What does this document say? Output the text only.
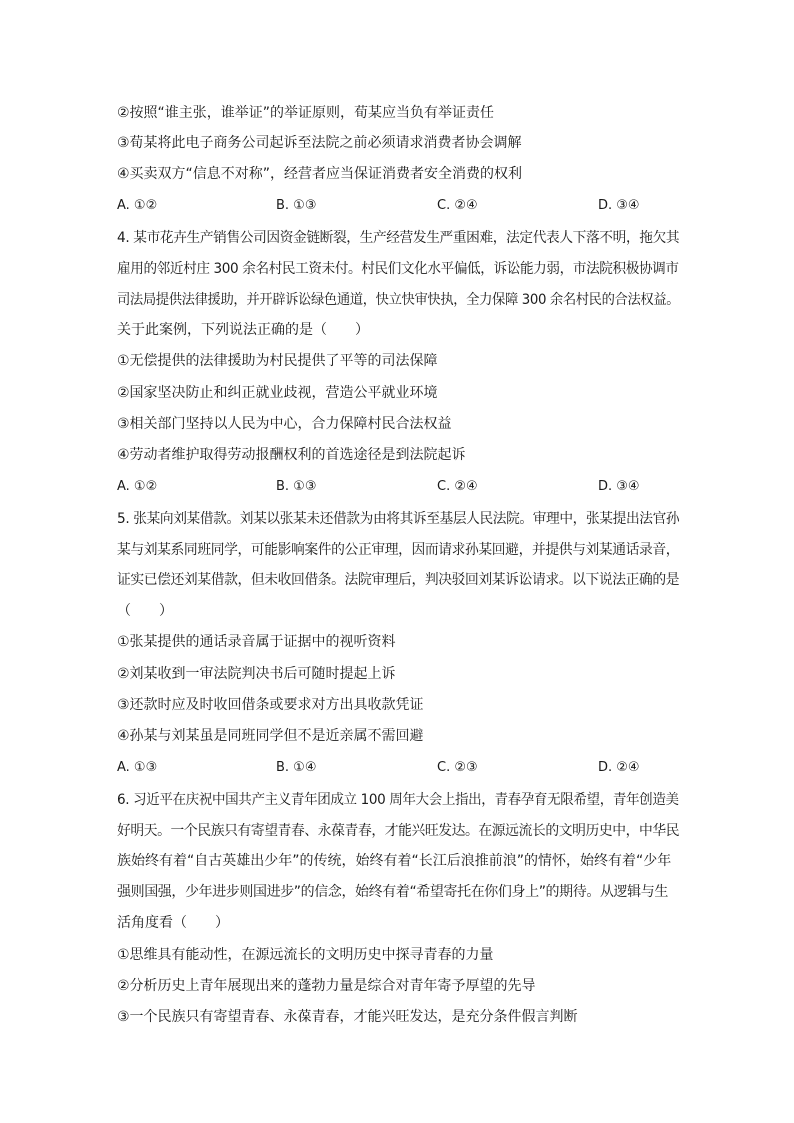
②按照“谁主张，谁举证”的举证原则，荀某应当负有举证责任
③荀某将此电子商务公司起诉至法院之前必须请求消费者协会调解
④买卖双方“信息不对称”，经营者应当保证消费者安全消费的权利
A. ①②	B. ①③	C. ②④	D. ③④
4. 某市花卉生产销售公司因资金链断裂，生产经营发生严重困难，法定代表人下落不明，拖欠其
雇用的邻近村庄 300 余名村民工资未付。村民们文化水平偏低，诉讼能力弱，市法院积极协调市
司法局提供法律援助，并开辟诉讼绿色通道，快立快审快执，全力保障 300 余名村民的合法权益。
关于此案例，下列说法正确的是（　　）
①无偿提供的法律援助为村民提供了平等的司法保障
②国家坚决防止和纠正就业歧视，营造公平就业环境
③相关部门坚持以人民为中心，合力保障村民合法权益
④劳动者维护取得劳动报酬权利的首选途径是到法院起诉
A. ①②	B. ①③	C. ②④	D. ③④
5. 张某向刘某借款。刘某以张某未还借款为由将其诉至基层人民法院。审理中，张某提出法官孙
某与刘某系同班同学，可能影响案件的公正审理，因而请求孙某回避，并提供与刘某通话录音，
证实已偿还刘某借款，但未收回借条。法院审理后，判决驳回刘某诉讼请求。以下说法正确的是
（　　）
①张某提供的通话录音属于证据中的视听资料
②刘某收到一审法院判决书后可随时提起上诉
③还款时应及时收回借条或要求对方出具收款凭证
④孙某与刘某虽是同班同学但不是近亲属不需回避
A. ①③	B. ①④	C. ②③	D. ②④
6. 习近平在庆祝中国共产主义青年团成立 100 周年大会上指出，青春孕育无限希望，青年创造美
好明天。一个民族只有寄望青春、永葆青春，才能兴旺发达。在源远流长的文明历史中，中华民
族始终有着“自古英雄出少年”的传统，始终有着“长江后浪推前浪”的情怀，始终有着“少年
强则国强，少年进步则国进步”的信念，始终有着“希望寄托在你们身上”的期待。从逻辑与生
活角度看（　　）
①思维具有能动性，在源远流长的文明历史中探寻青春的力量
②分析历史上青年展现出来的蓬勃力量是综合对青年寄予厚望的先导
③一个民族只有寄望青春、永葆青春，才能兴旺发达，是充分条件假言判断
